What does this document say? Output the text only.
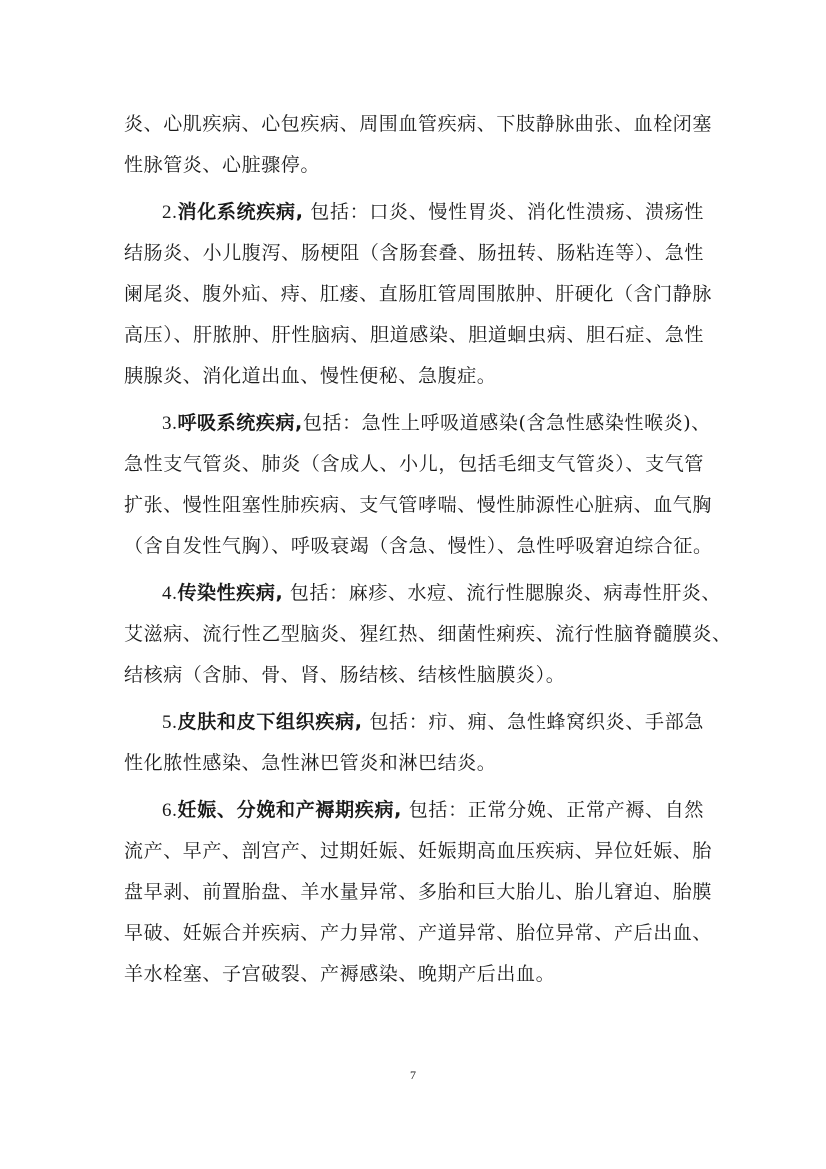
炎、心肌疾病、心包疾病、周围血管疾病、下肢静脉曲张、血栓闭塞
性脉管炎、心脏骤停。
2.消化系统疾病, 包括：口炎、慢性胃炎、消化性溃疡、溃疡性
结肠炎、小儿腹泻、肠梗阻（含肠套叠、肠扭转、肠粘连等）、急性
阑尾炎、腹外疝、痔、肛瘘、直肠肛管周围脓肿、肝硬化（含门静脉
高压）、肝脓肿、肝性脑病、胆道感染、胆道蛔虫病、胆石症、急性
胰腺炎、消化道出血、慢性便秘、急腹症。
3.呼吸系统疾病,包括：急性上呼吸道感染(含急性感染性喉炎)、
急性支气管炎、肺炎（含成人、小儿，包括毛细支气管炎）、支气管
扩张、慢性阻塞性肺疾病、支气管哮喘、慢性肺源性心脏病、血气胸
（含自发性气胸）、呼吸衰竭（含急、慢性）、急性呼吸窘迫综合征。
4.传染性疾病, 包括：麻疹、水痘、流行性腮腺炎、病毒性肝炎、
艾滋病、流行性乙型脑炎、猩红热、细菌性痢疾、流行性脑脊髓膜炎、
结核病（含肺、骨、肾、肠结核、结核性脑膜炎）。
5.皮肤和皮下组织疾病, 包括：疖、痈、急性蜂窝织炎、手部急
性化脓性感染、急性淋巴管炎和淋巴结炎。
6.妊娠、分娩和产褥期疾病, 包括：正常分娩、正常产褥、自然
流产、早产、剖宫产、过期妊娠、妊娠期高血压疾病、异位妊娠、胎
盘早剥、前置胎盘、羊水量异常、多胎和巨大胎儿、胎儿窘迫、胎膜
早破、妊娠合并疾病、产力异常、产道异常、胎位异常、产后出血、
羊水栓塞、子宫破裂、产褥感染、晚期产后出血。
7
